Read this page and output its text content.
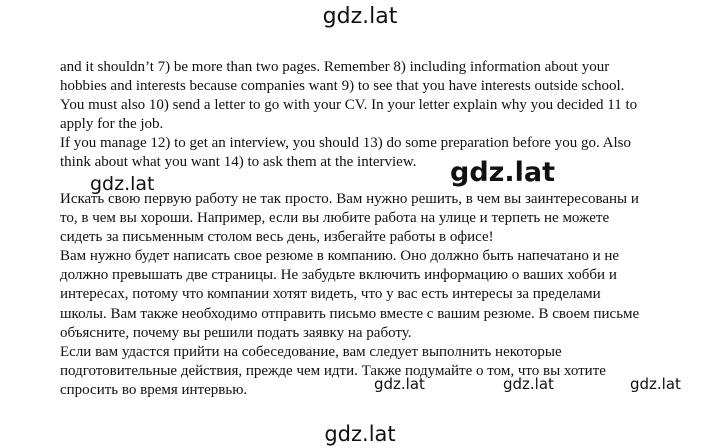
gdz.lat
and it shouldn’t 7) be more than two pages. Remember 8) including information about your
hobbies and interests because companies want 9) to see that you have interests outside school.
You must also 10) send a letter to go with your CV. In your letter explain why you decided 11 to
apply for the job.
If you manage 12) to get an interview, you should 13) do some preparation before you go. Also
think about what you want 14) to ask them at the interview.	gdz.lat
gdz.lat
Искать свою первую работу не так просто. Вам нужно решить, в чем вы заинтересованы и
то, в чем вы хороши. Например, если вы любите работа на улице и терпеть не можете
сидеть за письменным столом весь день, избегайте работы в офисе!
Вам нужно будет написать свое резюме в компанию. Оно должно быть напечатано и не
должно превышать две страницы. Не забудьте включить информацию о ваших хобби и
интересах, потому что компании хотят видеть, что у вас есть интересы за пределами
школы. Вам также необходимо отправить письмо вместе с вашим резюме. В своем письме
объясните, почему вы решили подать заявку на работу.
Если вам удастся прийти на собеседование, вам следует выполнить некоторые
подготовительные действия, прежде чем идти. Также подумайте о том, что вы хотите
спросить во время интервью.	gdz.lat	gdz.lat	gdz.lat
gdz.lat
